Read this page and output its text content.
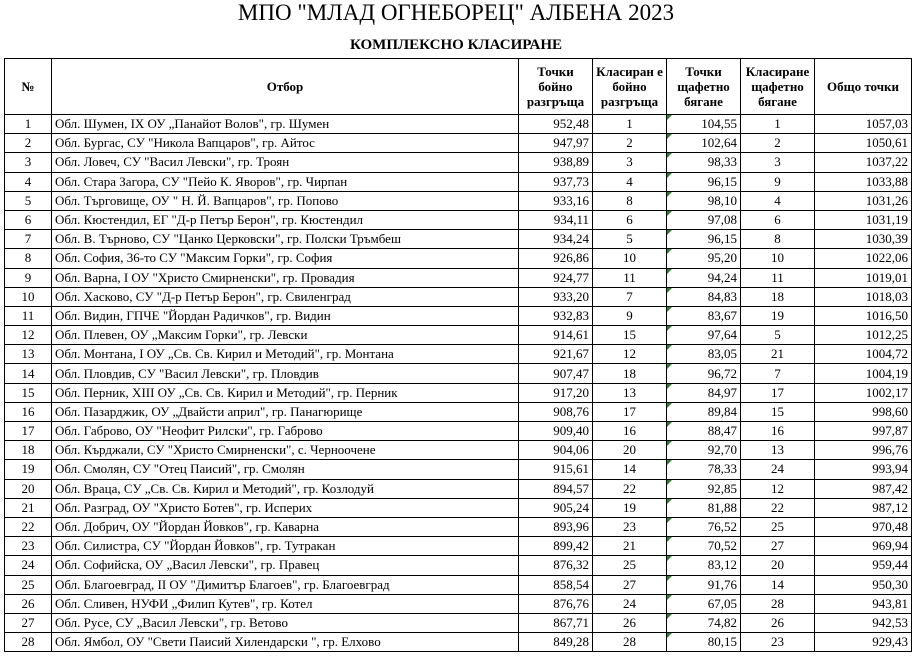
МПО "МЛАД ОГНЕБОРЕЦ" АЛБЕНА 2023
КОМПЛЕКСНО КЛАСИРАНЕ
№	Отбор	Точки бойно разгръща	Класиран е бойно разгръща	Точки щафетно бягане	Класиране щафетно бягане	Общо точки
1	Обл. Шумен, IX ОУ „Панайот Волов", гр. Шумен	952,48	1	104,55	1	1057,03
2	Обл. Бургас, СУ "Никола Вапцаров", гр. Айтос	947,97	2	102,64	2	1050,61
3	Обл. Ловеч, СУ "Васил Левски", гр. Троян	938,89	3	98,33	3	1037,22
4	Обл. Стара Загора, СУ "Пейо К. Яворов", гр. Чирпан	937,73	4	96,15	9	1033,88
5	Обл. Търговище, ОУ " Н. Й. Вапцаров", гр. Попово	933,16	8	98,10	4	1031,26
6	Обл. Кюстендил, ЕГ "Д-р Петър Берон", гр. Кюстендил	934,11	6	97,08	6	1031,19
7	Обл. В. Търново, СУ "Цанко Церковски", гр. Полски Тръмбеш	934,24	5	96,15	8	1030,39
8	Обл. София, 36-то СУ "Максим Горки", гр. София	926,86	10	95,20	10	1022,06
9	Обл. Варна, I ОУ "Христо Смирненски", гр. Провадия	924,77	11	94,24	11	1019,01
10	Обл. Хасково, СУ "Д-р Петър Берон", гр. Свиленград	933,20	7	84,83	18	1018,03
11	Обл. Видин, ГПЧЕ "Йордан Радичков", гр. Видин	932,83	9	83,67	19	1016,50
12	Обл. Плевен, ОУ „Максим Горки", гр. Левски	914,61	15	97,64	5	1012,25
13	Обл. Монтана, I ОУ „Св. Св. Кирил и Методий", гр. Монтана	921,67	12	83,05	21	1004,72
14	Обл. Пловдив, СУ "Васил Левски", гр. Пловдив	907,47	18	96,72	7	1004,19
15	Обл. Перник, XIII ОУ „Св. Св. Кирил и Методий", гр. Перник	917,20	13	84,97	17	1002,17
16	Обл. Пазарджик, ОУ „Двайсти април", гр. Панагюрище	908,76	17	89,84	15	998,60
17	Обл. Габрово, ОУ "Неофит Рилски", гр. Габрово	909,40	16	88,47	16	997,87
18	Обл. Кърджали, СУ "Христо Смирненски", с. Черноочене	904,06	20	92,70	13	996,76
19	Обл. Смолян, СУ "Отец Паисий", гр. Смолян	915,61	14	78,33	24	993,94
20	Обл. Враца, СУ „Св. Св. Кирил и Методий", гр. Козлодуй	894,57	22	92,85	12	987,42
21	Обл. Разград, ОУ "Христо Ботев", гр. Исперих	905,24	19	81,88	22	987,12
22	Обл. Добрич, ОУ "Йордан Йовков", гр. Каварна	893,96	23	76,52	25	970,48
23	Обл. Силистра, СУ "Йордан Йовков", гр. Тутракан	899,42	21	70,52	27	969,94
24	Обл. Софийска, ОУ „Васил Левски", гр. Правец	876,32	25	83,12	20	959,44
25	Обл. Благоевград, II ОУ "Димитър Благоев", гр. Благоевград	858,54	27	91,76	14	950,30
26	Обл. Сливен, НУФИ „Филип Кутев", гр. Котел	876,76	24	67,05	28	943,81
27	Обл. Русе, СУ „Васил Левски", гр. Ветово	867,71	26	74,82	26	942,53
28	Обл. Ямбол, ОУ "Свети Паисий Хилендарски ", гр. Елхово	849,28	28	80,15	23	929,43
